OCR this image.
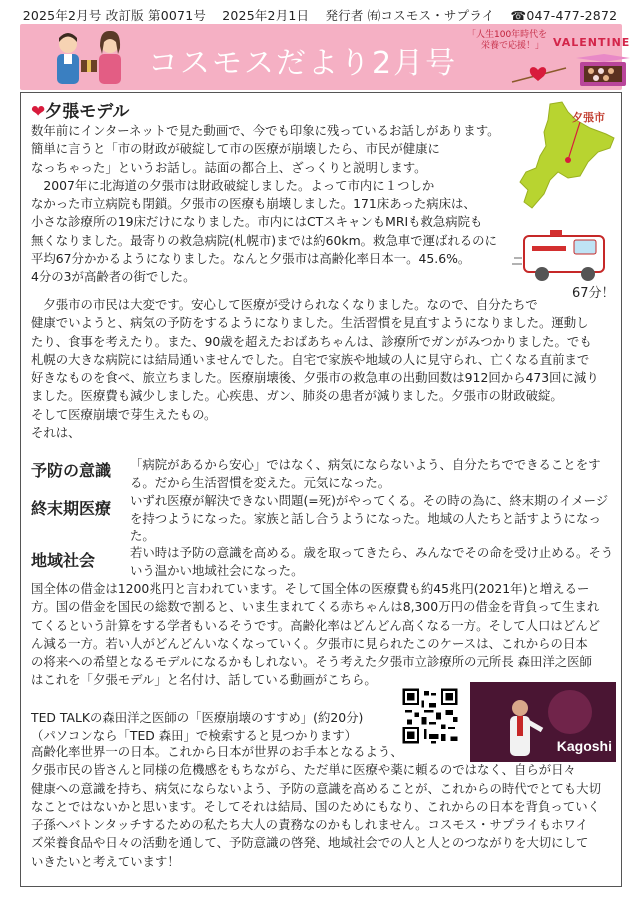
2025年2月号 改訂版 第0071号 2025年2月1日 発行者 ㈲コスモス・サプライ ☎047-477-2872
コスモスだより2月号
「人生100年時代を
栄養で応援！」 VALENTINE
❤夕張モデル	夕張市
67分！
数年前にインターネットで見た動画で、今でも印象に残っているお話しがあります。
簡単に言うと「市の財政が破綻して市の医療が崩壊したら、市民が健康に
なっちゃった」というお話し。誌面の都合上、ざっくりと説明します。
　2007年に北海道の夕張市は財政破綻しました。よって市内に１つしか
なかった市立病院も閉鎖。夕張市の医療も崩壊しました。171床あった病床は、
小さな診療所の19床だけになりました。市内にはCTスキャンもMRIも救急病院も
無くなりました。最寄りの救急病院(札幌市)までは約60km。救急車で運ばれるのに
平均67分かかるようになりました。なんと夕張市は高齢化率日本一。45.6%。
4分の3が高齢者の街でした。
　夕張市の市民は大変です。安心して医療が受けられなくなりました。なので、自分たちで
健康でいようと、病気の予防をするようになりました。生活習慣を見直すようになりました。運動し
たり、食事を考えたり。また、90歳を超えたおばあちゃんは、診療所でガンがみつかりました。でも
札幌の大きな病院には結局通いませんでした。自宅で家族や地域の人に見守られ、亡くなる直前まで
好きなものを食べ、旅立ちました。医療崩壊後、夕張市の救急車の出動回数は912回から473回に減り
ました。医療費も減少しました。心疾患、ガン、肺炎の患者が減りました。夕張市の財政破綻。
そして医療崩壊で芽生えたもの。
それは、
予防の意識 「病院があるから安心」ではなく、病気にならないよう、自分たちでできることをする。だから生活習慣を変えた。元気になった。
終末期医療 いずれ医療が解決できない問題(=死)がやってくる。その時の為に、終末期のイメージを持つようになった。家族と話し合うようになった。地域の人たちと話すようになった。
地域社会	若い時は予防の意識を高める。歳を取ってきたら、みんなでその命を受け止める。そういう温かい地域社会になった。
国全体の借金は1200兆円と言われています。そして国全体の医療費も約45兆円(2021年)と増えるー
方。国の借金を国民の総数で割ると、いま生まれてくる赤ちゃんは8,300万円の借金を背負って生まれ
てくるという計算をする学者もいるそうです。高齢化率はどんどん高くなる一方。そして人口はどんど
ん減る一方。若い人がどんどんいなくなっていく。夕張市に見られたこのケースは、これからの日本
の将来への希望となるモデルになるかもしれない。そう考えた夕張市立診療所の元所長 森田洋之医師
はこれを「夕張モデル」と名付け、話している動画がこちら。
TED TALKの森田洋之医師の「医療崩壊のすすめ」(約20分)
（パソコンなら「TED 森田」で検索すると見つかります）
Kagoshi
高齢化率世界一の日本。これから日本が世界のお手本となるよう、
夕張市民の皆さんと同様の危機感をもちながら、ただ単に医療や薬に頼るのではなく、自らが日々
健康への意識を持ち、病気にならないよう、予防の意識を高めることが、これからの時代でとても大切
なことではないかと思います。そしてそれは結局、国のためにもなり、これからの日本を背負っていく
子孫へバトンタッチするための私たち大人の責務なのかもしれません。コスモス・サプライもホワイ
ズ栄養食品や日々の活動を通して、予防意識の啓発、地域社会での人と人とのつながりを大切にして
いきたいと考えています！
